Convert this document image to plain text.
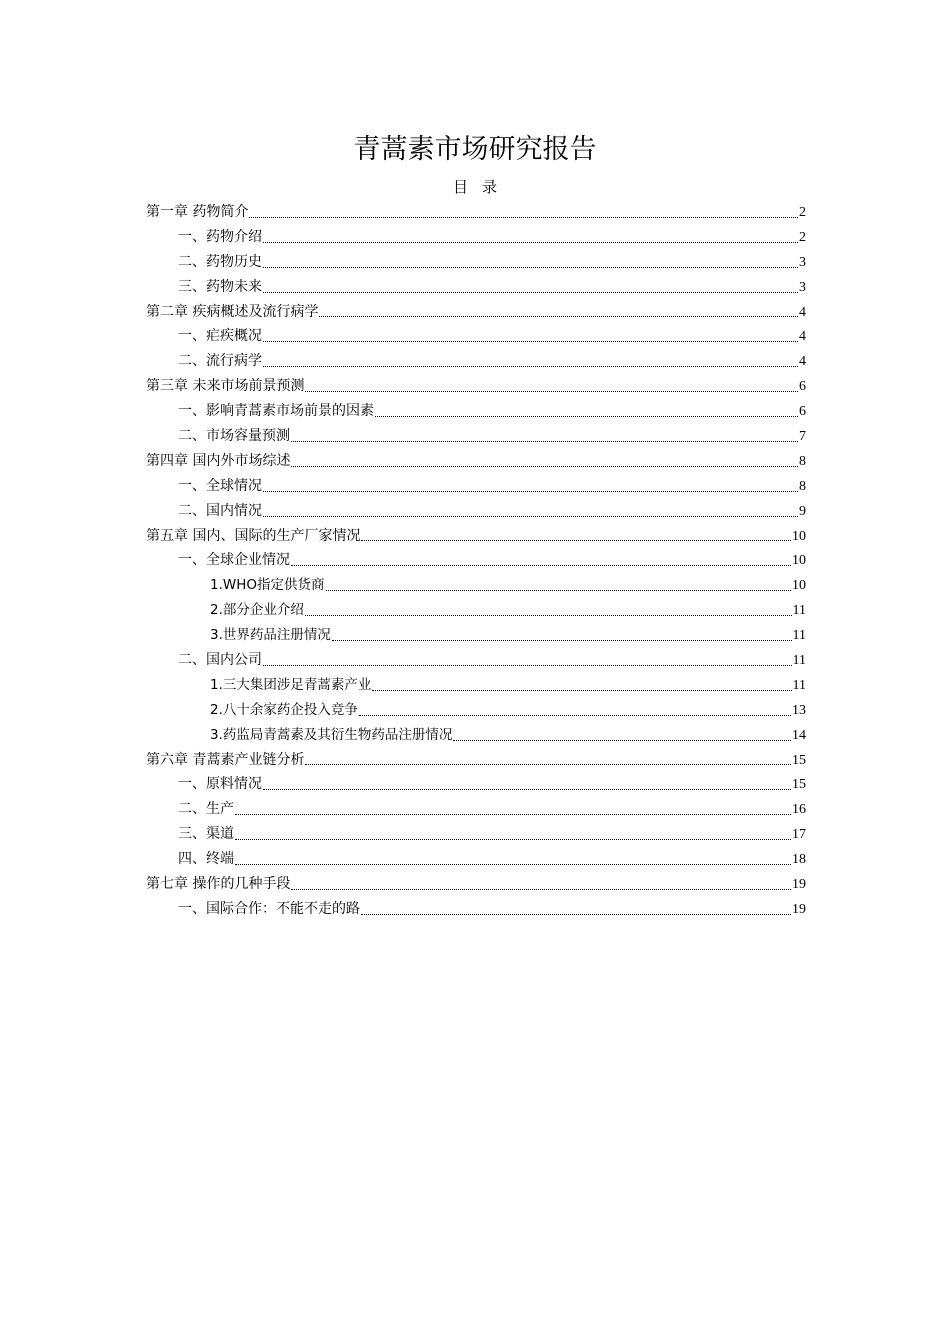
青蒿素市场研究报告
目录
第一章 药物简介	2
一、药物介绍	2
二、药物历史	3
三、药物未来	3
第二章 疾病概述及流行病学	4
一、疟疾概况	4
二、流行病学	4
第三章 未来市场前景预测	6
一、影响青蒿素市场前景的因素	6
二、市场容量预测	7
第四章 国内外市场综述	8
一、全球情况	8
二、国内情况	9
第五章 国内、国际的生产厂家情况	10
一、全球企业情况	10
1.WHO指定供货商	10
2.部分企业介绍	11
3.世界药品注册情况	11
二、国内公司	11
1.三大集团涉足青蒿素产业	11
2.八十余家药企投入竞争	13
3.药监局青蒿素及其衍生物药品注册情况	14
第六章 青蒿素产业链分析	15
一、原料情况	15
二、生产	16
三、渠道	17
四、终端	18
第七章 操作的几种手段	19
一、国际合作：不能不走的路	19
